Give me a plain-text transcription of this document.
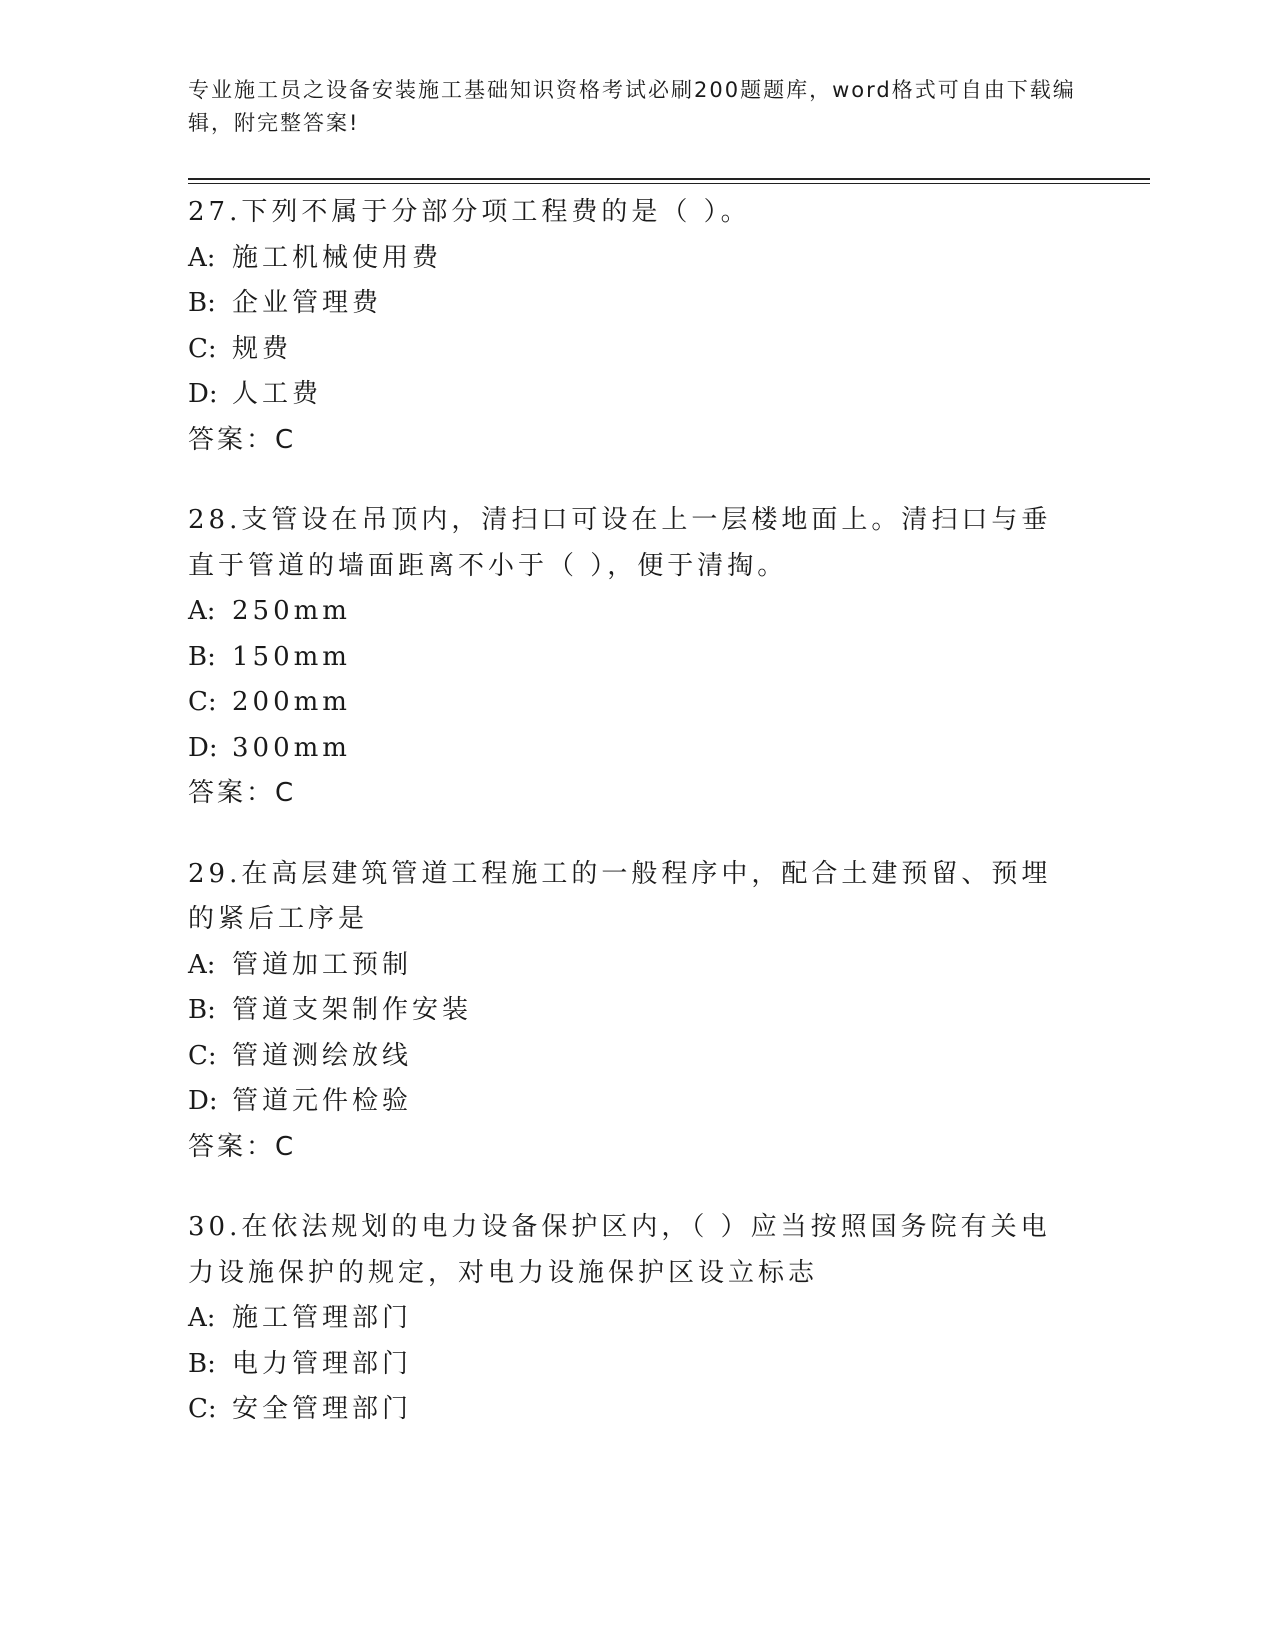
专业施工员之设备安装施工基础知识资格考试必刷200题题库，word格式可自由下载编辑，附完整答案!
27.下列不属于分部分项工程费的是（ ）。
A: 施工机械使用费
B: 企业管理费
C: 规费
D: 人工费
答案：C
28.支管设在吊顶内，清扫口可设在上一层楼地面上。清扫口与垂直于管道的墙面距离不小于（ ），便于清掏。
A: 250mm
B: 150mm
C: 200mm
D: 300mm
答案：C
29.在高层建筑管道工程施工的一般程序中，配合土建预留、预埋的紧后工序是
A: 管道加工预制
B: 管道支架制作安装
C: 管道测绘放线
D: 管道元件检验
答案：C
30.在依法规划的电力设备保护区内，（ ）应当按照国务院有关电力设施保护的规定，对电力设施保护区设立标志
A: 施工管理部门
B: 电力管理部门
C: 安全管理部门
